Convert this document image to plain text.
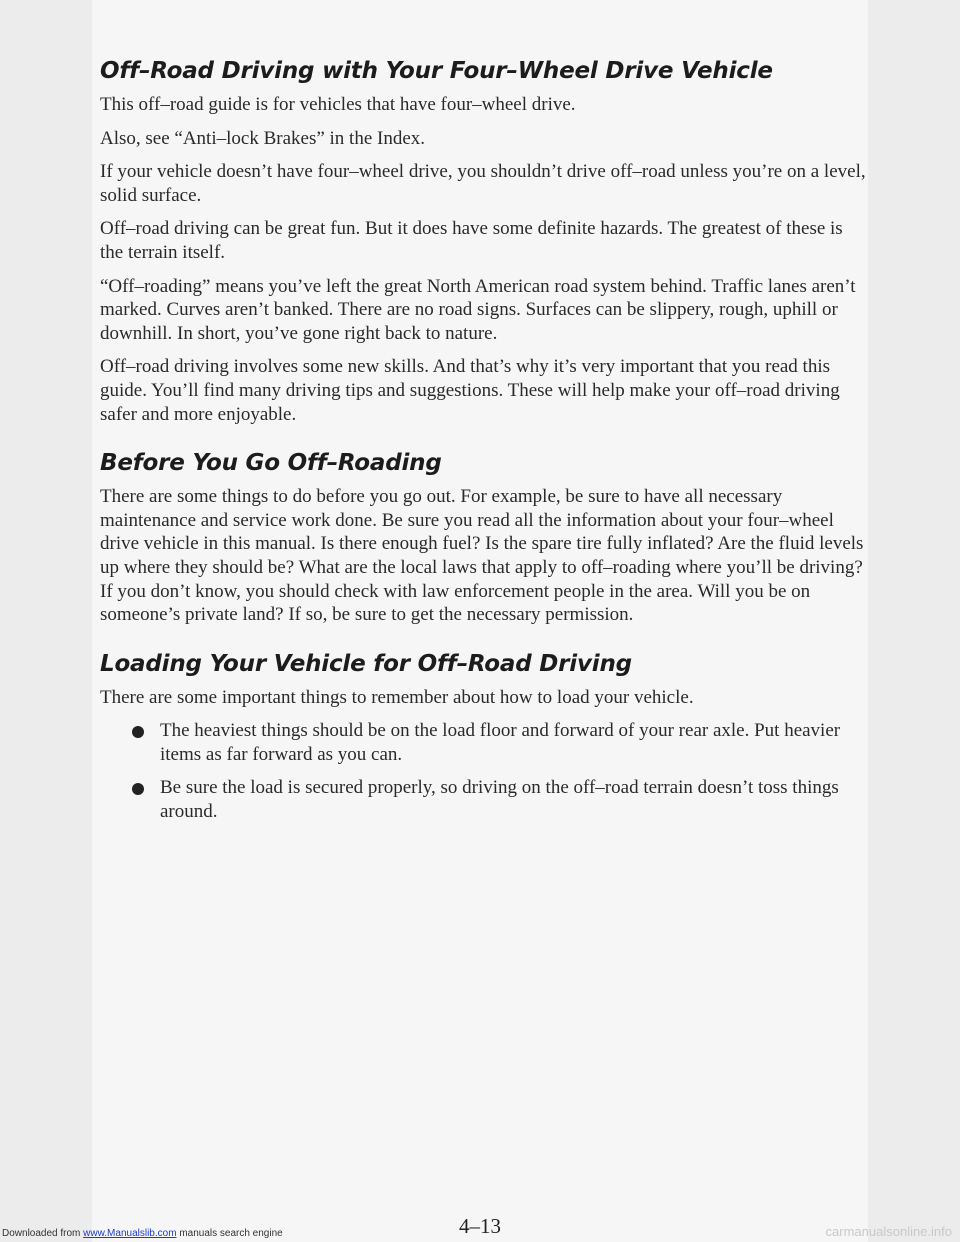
Off–Road Driving with Your Four–Wheel Drive Vehicle

This off–road guide is for vehicles that have four–wheel drive.

Also, see “Anti–lock Brakes” in the Index.

If your vehicle doesn’t have four–wheel drive, you shouldn’t drive off–road unless you’re on a level, solid surface.

Off–road driving can be great fun. But it does have some definite hazards. The greatest of these is the terrain itself.

“Off–roading” means you’ve left the great North American road system behind. Traffic lanes aren’t marked. Curves aren’t banked. There are no road signs. Surfaces can be slippery, rough, uphill or downhill. In short, you’ve gone right back to nature.

Off–road driving involves some new skills. And that’s why it’s very important that you read this guide. You’ll find many driving tips and suggestions. These will help make your off–road driving safer and more enjoyable.

Before You Go Off–Roading

There are some things to do before you go out. For example, be sure to have all necessary maintenance and service work done. Be sure you read all the information about your four–wheel drive vehicle in this manual. Is there enough fuel? Is the spare tire fully inflated? Are the fluid levels up where they should be? What are the local laws that apply to off–roading where you’ll be driving? If you don’t know, you should check with law enforcement people in the area. Will you be on someone’s private land? If so, be sure to get the necessary permission.

Loading Your Vehicle for Off–Road Driving

There are some important things to remember about how to load your vehicle.

The heaviest things should be on the load floor and forward of your rear axle. Put heavier items as far forward as you can.
Be sure the load is secured properly, so driving on the off–road terrain doesn’t toss things around.
4–13
Downloaded from www.Manualslib.com manuals search engine	carmanualsonline.info
